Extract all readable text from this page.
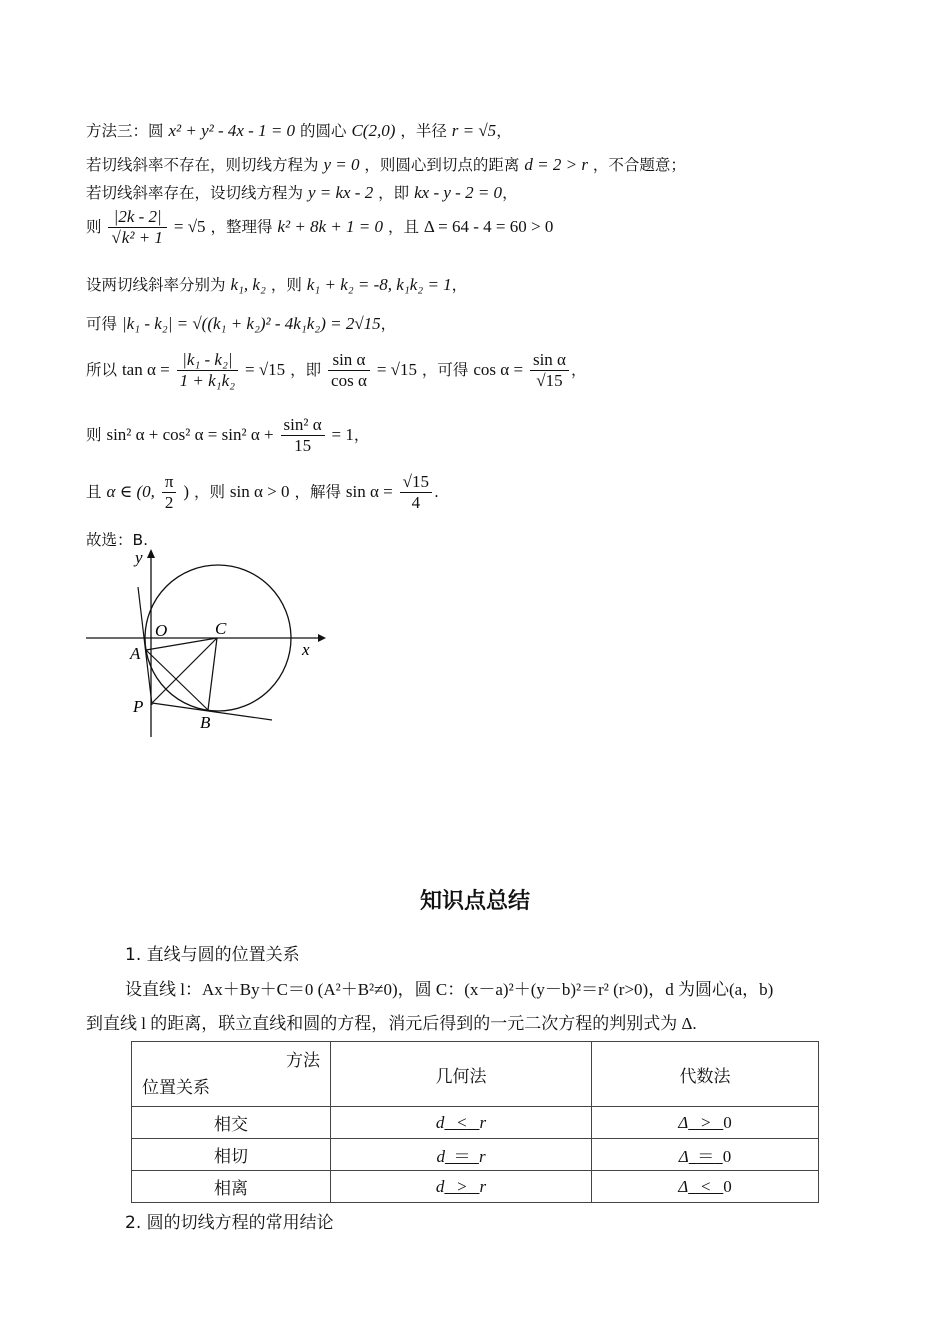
方法三：圆 x² + y² - 4x - 1 = 0 的圆心 C(2,0) ，半径 r = √5，
若切线斜率不存在，则切线方程为 y = 0 ，则圆心到切点的距离 d = 2 > r ，不合题意；
若切线斜率存在，设切线方程为 y = kx - 2 ，即 kx - y - 2 = 0，
则 $\frac{|2k - 2|}{\text{√k² + 1}} = √5$ ，整理得 k² + 8k + 1 = 0 ，且 Δ = 64 - 4 = 60 > 0
设两切线斜率分别为 k₁, k₂ ，则 k₁ + k₂ = -8, k₁k₂ = 1，
可得 |k₁ - k₂| = √((k₁ + k₂)² - 4k₁k₂) = 2√15，
所以 $\tan \alpha = \frac{\text{|k₁ - k₂|}}{\text{1 + k₁k₂}} = √15$ ，即 $\frac{\text{sin α}}{\text{cos α}} = √15$ ，可得 $\cos \alpha = \frac{\text{sin α}}{√15}$ ，
则 sin² α + cos² α = sin² $\alpha + \frac{\text{sin² α}}{15} = 1$，
且 α ∈ (0, $\frac{\pi}{2}$ ) ，则 sin α > 0 ，解得 $\sin \alpha = \frac{√15}{4}$ .
故选：B.
y
x
O	C
A
P
B
知识点总结
1. 直线与圆的位置关系
设直线 l：Ax＋By＋C＝0 (A²＋B²≠0)，圆 C：(x－a)²＋(y－b)²＝r² (r>0)，d 为圆心(a，b)
到直线 l 的距离，联立直线和圆的方程，消元后得到的一元二次方程的判别式为 Δ.
方法
位置关系	几何法	代数法
相交	d < r	Δ > 0
相切	d ＝ r	Δ ＝ 0
相离	d > r	Δ < 0
2. 圆的切线方程的常用结论
